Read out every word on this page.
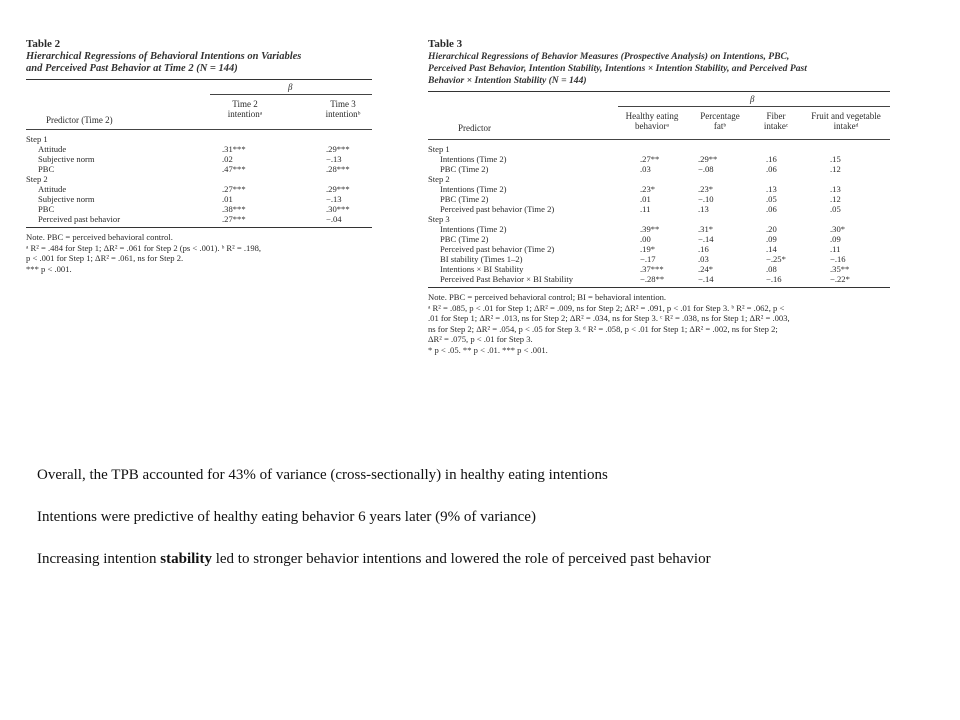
Table 2
Hierarchical Regressions of Behavioral Intentions on Variables
and Perceived Past Behavior at Time 2 (N = 144)
β
Predictor (Time 2)
Time 2
intentionᵃ
Time 3
intentionᵇ
Step 1
Attitude	.31***	.29***
Subjective norm	.02	−.13
PBC	.47***	.28***
Step 2
Attitude	.27***	.29***
Subjective norm	.01	−.13
PBC	.38***	.30***
Perceived past behavior	.27***	−.04
Note. PBC = perceived behavioral control.
ᵃ R² = .484 for Step 1; ΔR² = .061 for Step 2 (ps < .001). ᵇ R² = .198,
p < .001 for Step 1; ΔR² = .061, ns for Step 2.
*** p < .001.
Table 3
Hierarchical Regressions of Behavior Measures (Prospective Analysis) on Intentions, PBC,
Perceived Past Behavior, Intention Stability, Intentions × Intention Stability, and Perceived Past
Behavior × Intention Stability (N = 144)
β
Predictor
Healthy eating
behaviorᵃ
Percentage
fatᵇ
Fiber
intakeᶜ
Fruit and vegetable
intakeᵈ
Step 1
Intentions (Time 2)	.27**	.29**	.16	.15
PBC (Time 2)	.03	−.08	.06	.12
Step 2
Intentions (Time 2)	.23*	.23*	.13	.13
PBC (Time 2)	.01	−.10	.05	.12
Perceived past behavior (Time 2)	.11	.13	.06	.05
Step 3
Intentions (Time 2)	.39**	.31*	.20	.30*
PBC (Time 2)	.00	−.14	.09	.09
Perceived past behavior (Time 2)	.19*	.16	.14	.11
BI stability (Times 1–2)	−.17	.03	−.25*	−.16
Intentions × BI Stability	.37***	.24*	.08	.35**
Perceived Past Behavior × BI Stability	−.28**	−.14	−.16	−.22*
Note. PBC = perceived behavioral control; BI = behavioral intention.
ᵃ R² = .085, p < .01 for Step 1; ΔR² = .009, ns for Step 2; ΔR² = .091, p < .01 for Step 3. ᵇ R² = .062, p <
.01 for Step 1; ΔR² = .013, ns for Step 2; ΔR² = .034, ns for Step 3. ᶜ R² = .038, ns for Step 1; ΔR² = .003,
ns for Step 2; ΔR² = .054, p < .05 for Step 3. ᵈ R² = .058, p < .01 for Step 1; ΔR² = .002, ns for Step 2;
ΔR² = .075, p < .01 for Step 3.
* p < .05. ** p < .01. *** p < .001.

Overall, the TPB accounted for 43% of variance (cross-sectionally) in healthy eating intentions

Intentions were predictive of healthy eating behavior 6 years later (9% of variance)

Increasing intention stability led to stronger behavior intentions and lowered the role of perceived past behavior
